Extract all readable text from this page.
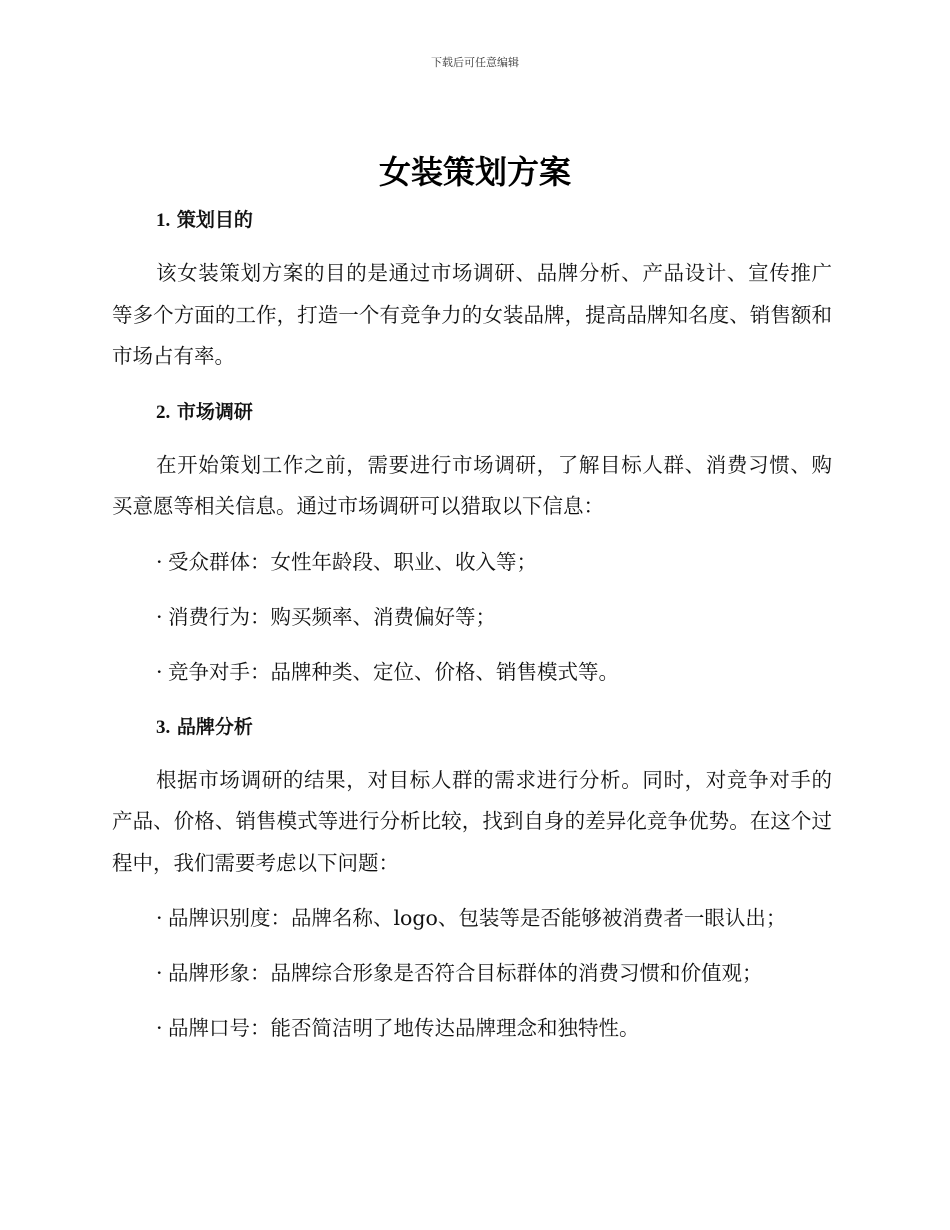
下载后可任意编辑
女装策划方案
1. 策划目的

该女装策划方案的目的是通过市场调研、品牌分析、产品设计、宣传推广等多个方面的工作，打造一个有竞争力的女装品牌，提高品牌知名度、销售额和市场占有率。

2. 市场调研

在开始策划工作之前，需要进行市场调研，了解目标人群、消费习惯、购买意愿等相关信息。通过市场调研可以猎取以下信息：

· 受众群体：女性年龄段、职业、收入等；
· 消费行为：购买频率、消费偏好等；
· 竞争对手：品牌种类、定位、价格、销售模式等。
3. 品牌分析

根据市场调研的结果，对目标人群的需求进行分析。同时，对竞争对手的产品、价格、销售模式等进行分析比较，找到自身的差异化竞争优势。在这个过程中，我们需要考虑以下问题：

· 品牌识别度：品牌名称、logo、包装等是否能够被消费者一眼认出；
· 品牌形象：品牌综合形象是否符合目标群体的消费习惯和价值观；
· 品牌口号：能否简洁明了地传达品牌理念和独特性。
